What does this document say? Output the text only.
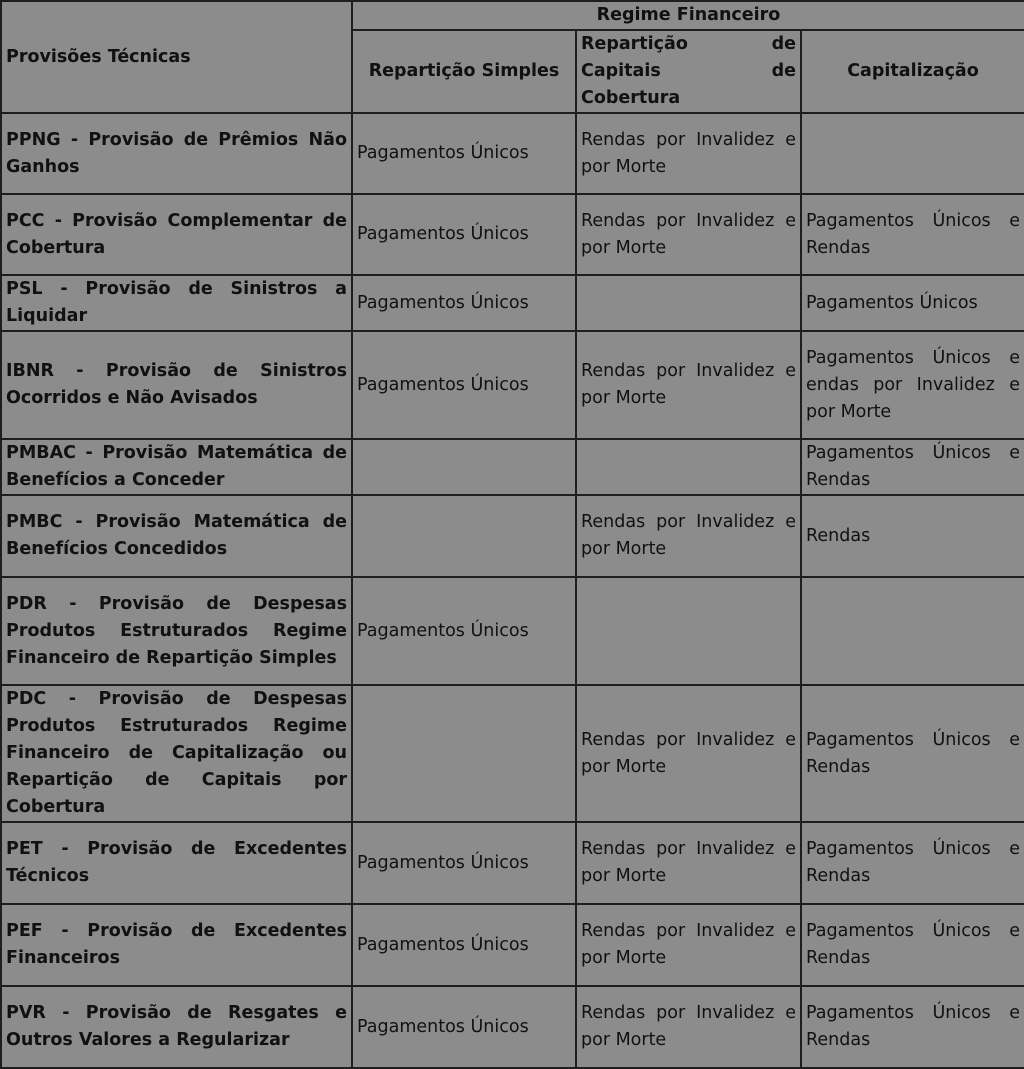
Provisões Técnicas	Regime Financeiro		
	Repartição Simples	Repartição de Capitais de Cobertura	Capitalização
PPNG - Provisão de Prêmios Não Ganhos	Pagamentos Únicos	Rendas por Invalidez e por Morte	
PCC - Provisão Complementar de Cobertura	Pagamentos Únicos	Rendas por Invalidez e por Morte	Pagamentos Únicos e Rendas
PSL - Provisão de Sinistros a Liquidar	Pagamentos Únicos		Pagamentos Únicos
IBNR - Provisão de Sinistros Ocorridos e Não Avisados	Pagamentos Únicos	Rendas por Invalidez e por Morte	Pagamentos Únicos e endas por Invalidez e por Morte
PMBAC - Provisão Matemática de Benefícios a Conceder			Pagamentos Únicos e Rendas
PMBC - Provisão Matemática de Benefícios Concedidos		Rendas por Invalidez e por Morte	Rendas
PDR - Provisão de Despesas Produtos Estruturados Regime Financeiro de Repartição Simples	Pagamentos Únicos		
PDC - Provisão de Despesas Produtos Estruturados Regime Financeiro de Capitalização ou Repartição de Capitais por Cobertura		Rendas por Invalidez e por Morte	Pagamentos Únicos e Rendas
PET - Provisão de Excedentes Técnicos	Pagamentos Únicos	Rendas por Invalidez e por Morte	Pagamentos Únicos e Rendas
PEF - Provisão de Excedentes Financeiros	Pagamentos Únicos	Rendas por Invalidez e por Morte	Pagamentos Únicos e Rendas
PVR - Provisão de Resgates e Outros Valores a Regularizar	Pagamentos Únicos	Rendas por Invalidez e por Morte	Pagamentos Únicos e Rendas
